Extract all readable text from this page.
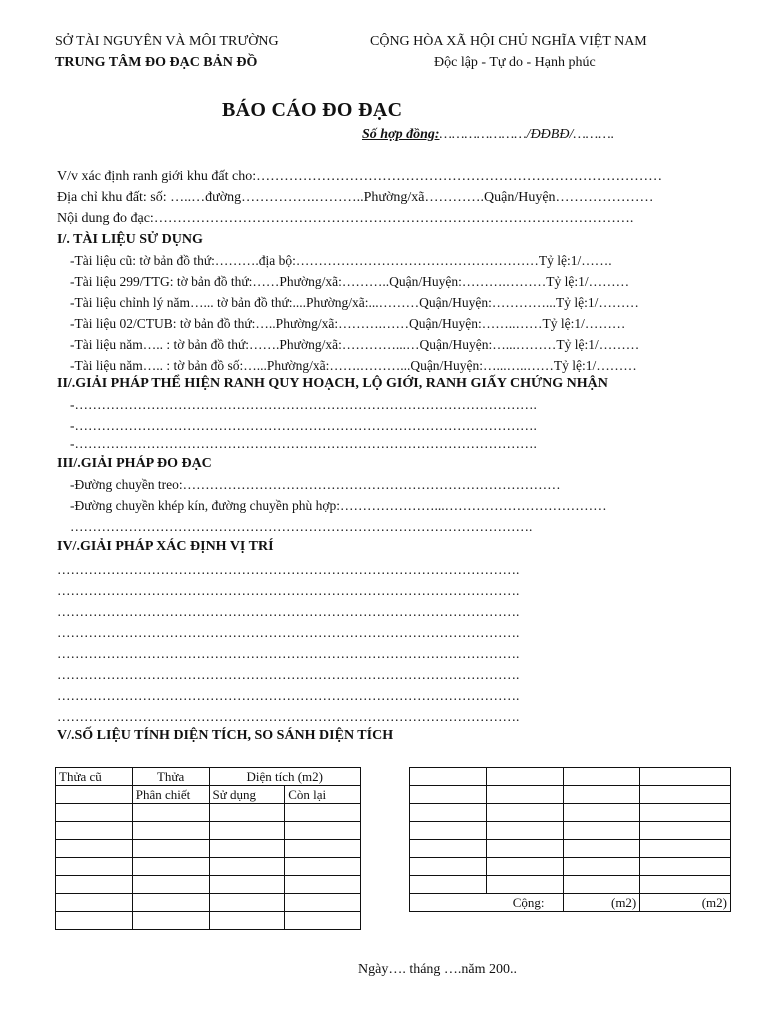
SỞ TÀI NGUYÊN VÀ MÔI TRƯỜNG
TRUNG TÂM ĐO ĐẠC BẢN ĐỒ
CỘNG HÒA XÃ HỘI CHỦ NGHĨA VIỆT NAM
Độc lập - Tự do - Hạnh phúc
BÁO CÁO ĐO ĐẠC
Số hợp đồng:…………………/ĐĐBĐ/……….
V/v xác định ranh giới khu đất cho:……………………………………………………………………………
Địa chỉ khu đất: số: …..…đường…………….………..Phường/xã………….Quận/Huyện…………………
Nội dung đo đạc:………………………………………………………………………………………….
I/. TÀI LIỆU SỬ DỤNG
-Tài liệu cũ: tờ bản đồ thứ:……….địa bộ:………………………………………………Tỷ lệ:1/…….
-Tài liệu 299/TTG: tờ bản đồ thứ:……Phường/xã:………..Quận/Huyện:……….………Tỷ lệ:1/………
-Tài liệu chỉnh lý năm…... tờ bản đồ thứ:....Phường/xã:...………Quận/Huyện:…………...Tỷ lệ:1/………
-Tài liệu 02/CTUB: tờ bản đồ thứ:…..Phường/xã:……….……Quận/Huyện:……..……Tỷ lệ:1/………
-Tài liệu năm….. : tờ bản đồ thứ:…….Phường/xã:…………...…Quận/Huyện:…...………Tỷ lệ:1/………
-Tài liệu năm….. : tờ bản đồ số:…...Phường/xã:…….………...Quận/Huyện:…...…..……Tỷ lệ:1/………
II/.GIẢI PHÁP THỂ HIỆN RANH QUY HOẠCH, LỘ GIỚI, RANH GIẤY CHỨNG NHẬN
-………………………………………………………………………………………….
-………………………………………………………………………………………….
-………………………………………………………………………………………….
III/.GIẢI PHÁP ĐO ĐẠC
-Đường chuyền treo:…………………………………………………………………………
-Đường chuyền khép kín, đường chuyền phù hợp:…………………...………………………………
………………………………………………………………………………………….
IV/.GIẢI PHÁP XÁC ĐỊNH VỊ TRÍ
………………………………………………………………………………………….
………………………………………………………………………………………….
………………………………………………………………………………………….
………………………………………………………………………………………….
………………………………………………………………………………………….
………………………………………………………………………………………….
………………………………………………………………………………………….
………………………………………………………………………………………….
V/.SỐ LIỆU TÍNH DIỆN TÍCH, SO SÁNH DIỆN TÍCH
Thửa cũ	Thửa	Diện tích (m2)	
	Phân chiết	Sử dụng	Còn lại

Cộng:		(m2)	(m2)
Ngày…. tháng ….năm 200..
